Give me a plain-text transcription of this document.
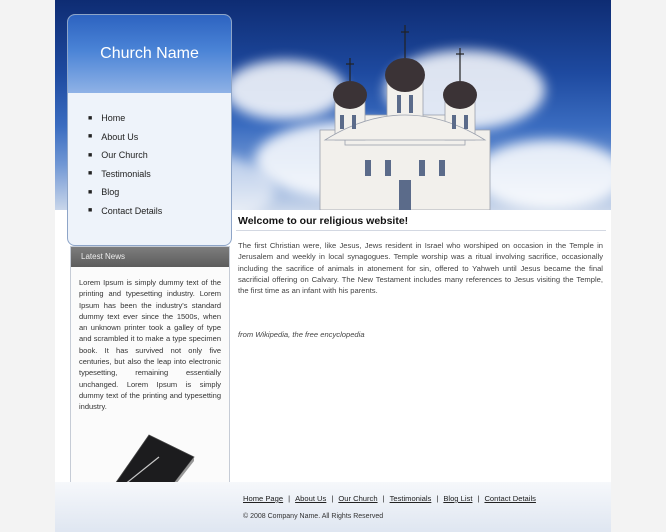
Church Name
■ Home
■ About Us
■ Our Church
■ Testimonials
■ Blog
■ Contact Details
Latest News
Lorem Ipsum is simply dummy text of the printing and typesetting industry. Lorem Ipsum has been the industry's standard dummy text ever since the 1500s, when an unknown printer took a galley of type and scrambled it to make a type specimen book. It has survived not only five centuries, but also the leap into electronic typesetting, remaining essentially unchanged. Lorem Ipsum is simply dummy text of the printing and typesetting industry.
Welcome to our religious website!
The first Christian were, like Jesus, Jews resident in Israel who worshiped on occasion in the Temple in Jerusalem and weekly in local synagogues. Temple worship was a ritual involving sacrifice, occasionally including the sacrifice of animals in atonement for sin, offered to Yahweh until Jesus became the final sacrificial offering on Calvary. The New Testament includes many references to Jesus visiting the Temple, the first time as an infant with his parents.
from Wikipedia, the free encyclopedia
Home Page | About Us | Our Church | Testimonials | Blog List | Contact Details
© 2008 Company Name. All Rights Reserved
